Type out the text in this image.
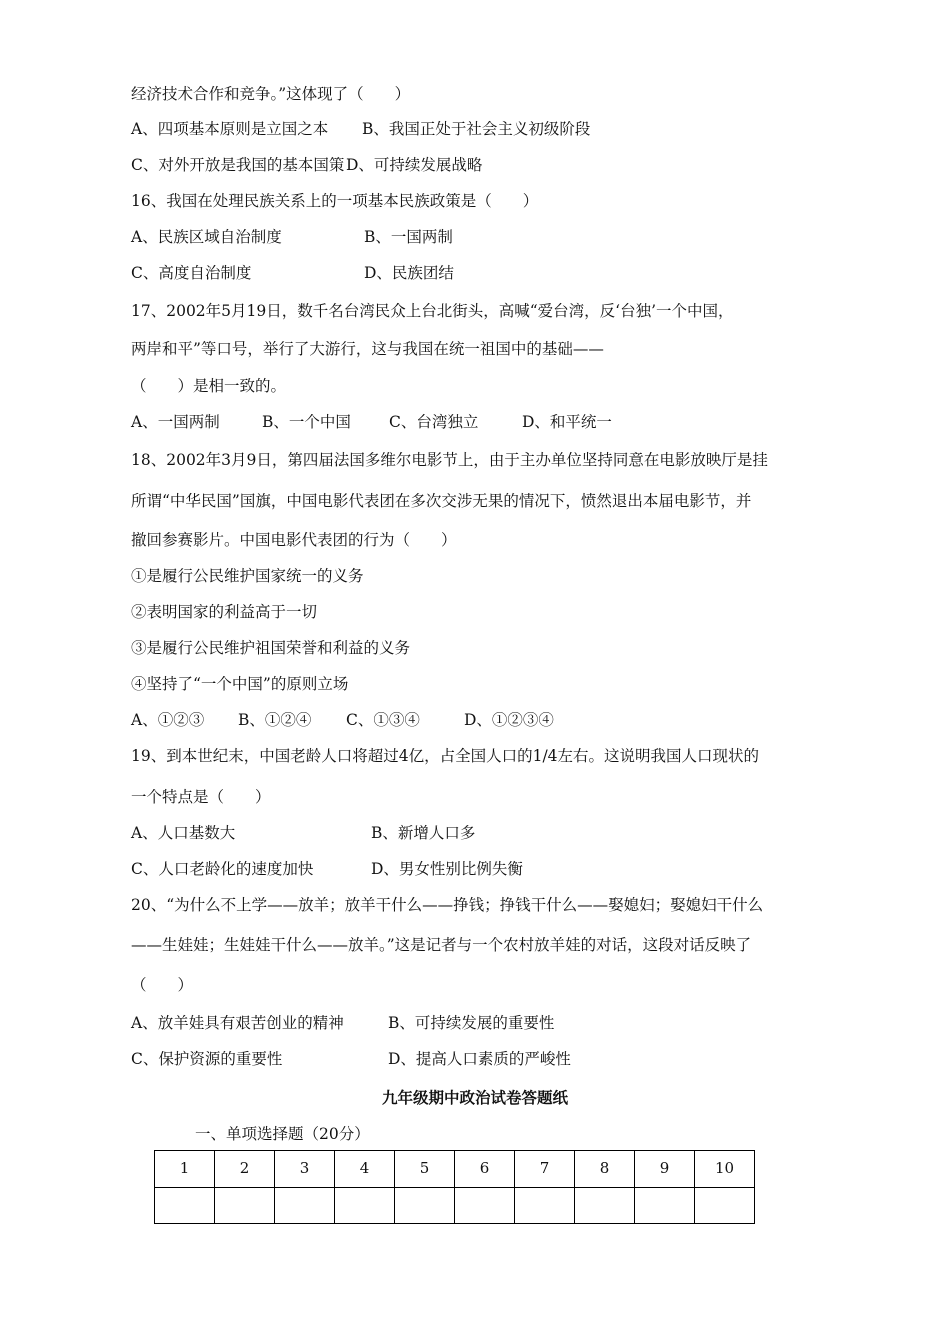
经济技术合作和竞争。”这体现了（　　）
A、四项基本原则是立国之本 B、我国正处于社会主义初级阶段
C、对外开放是我国的基本国策 D、可持续发展战略
16、我国在处理民族关系上的一项基本民族政策是（　　）
A、民族区域自治制度	B、一国两制
C、高度自治制度	D、民族团结
17、2002年5月19日，数千名台湾民众上台北街头，高喊“爱台湾，反‘台独’一个中国，
两岸和平”等口号，举行了大游行，这与我国在统一祖国中的基础——
（　　）是相一致的。
A、一国两制	B、一个中国 C、台湾独立	D、和平统一
18、2002年3月9日，第四届法国多维尔电影节上，由于主办单位坚持同意在电影放映厅是挂
所谓“中华民国”国旗，中国电影代表团在多次交涉无果的情况下，愤然退出本届电影节，并
撤回参赛影片。中国电影代表团的行为（　　）
①是履行公民维护国家统一的义务
②表明国家的利益高于一切
③是履行公民维护祖国荣誉和利益的义务
④坚持了“一个中国”的原则立场
A、①②③ B、①②④ C、①③④	D、①②③④
19、到本世纪末，中国老龄人口将超过4亿，占全国人口的1/4左右。这说明我国人口现状的
一个特点是（　　）
A、人口基数大	B、新增人口多
C、人口老龄化的速度加快	D、男女性别比例失衡
20、“为什么不上学——放羊；放羊干什么——挣钱；挣钱干什么——娶媳妇；娶媳妇干什么
——生娃娃；生娃娃干什么——放羊。”这是记者与一个农村放羊娃的对话，这段对话反映了
（　　）
A、放羊娃具有艰苦创业的精神	B、可持续发展的重要性
C、保护资源的重要性	D、提高人口素质的严峻性
九年级期中政治试卷答题纸
一、单项选择题（20分）
1	2	3	4	5	6	7	8	9	10
